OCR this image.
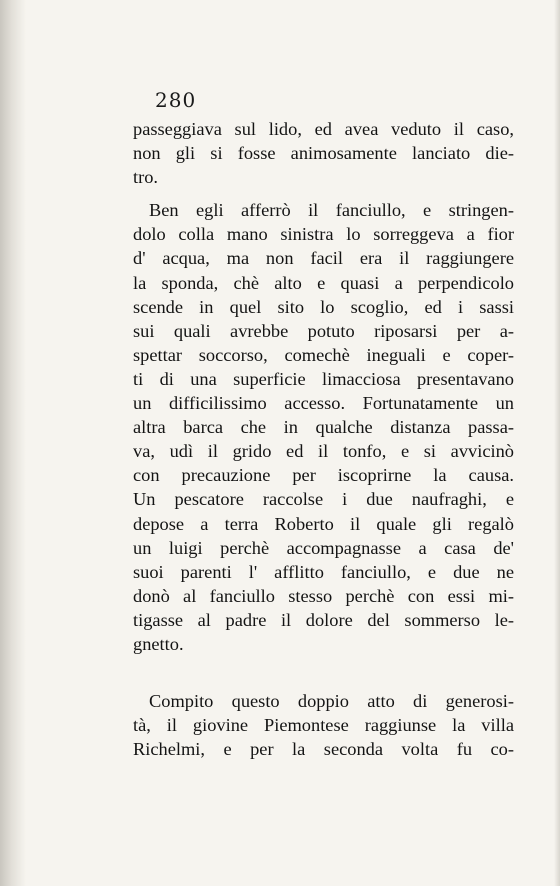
280
passeggiava sul lido, ed avea veduto il caso,
non gli si fosse animosamente lanciato die-
tro.
Ben egli afferrò il fanciullo, e stringen-
dolo colla mano sinistra lo sorreggeva a fior
d' acqua, ma non facil era il raggiungere
la sponda, chè alto e quasi a perpendicolo
scende in quel sito lo scoglio, ed i sassi
sui quali avrebbe potuto riposarsi per a-
spettar soccorso, comechè ineguali e coper-
ti di una superficie limacciosa presentavano
un difficilissimo accesso. Fortunatamente un
altra barca che in qualche distanza passa-
va, udì il grido ed il tonfo, e si avvicinò
con precauzione per iscoprirne la causa.
Un pescatore raccolse i due naufraghi, e
depose a terra Roberto il quale gli regalò
un luigi perchè accompagnasse a casa de'
suoi parenti l' afflitto fanciullo, e due ne
donò al fanciullo stesso perchè con essi mi-
tigasse al padre il dolore del sommerso le-
gnetto.
Compito questo doppio atto di generosi-
tà, il giovine Piemontese raggiunse la villa
Richelmi, e per la seconda volta fu co-
